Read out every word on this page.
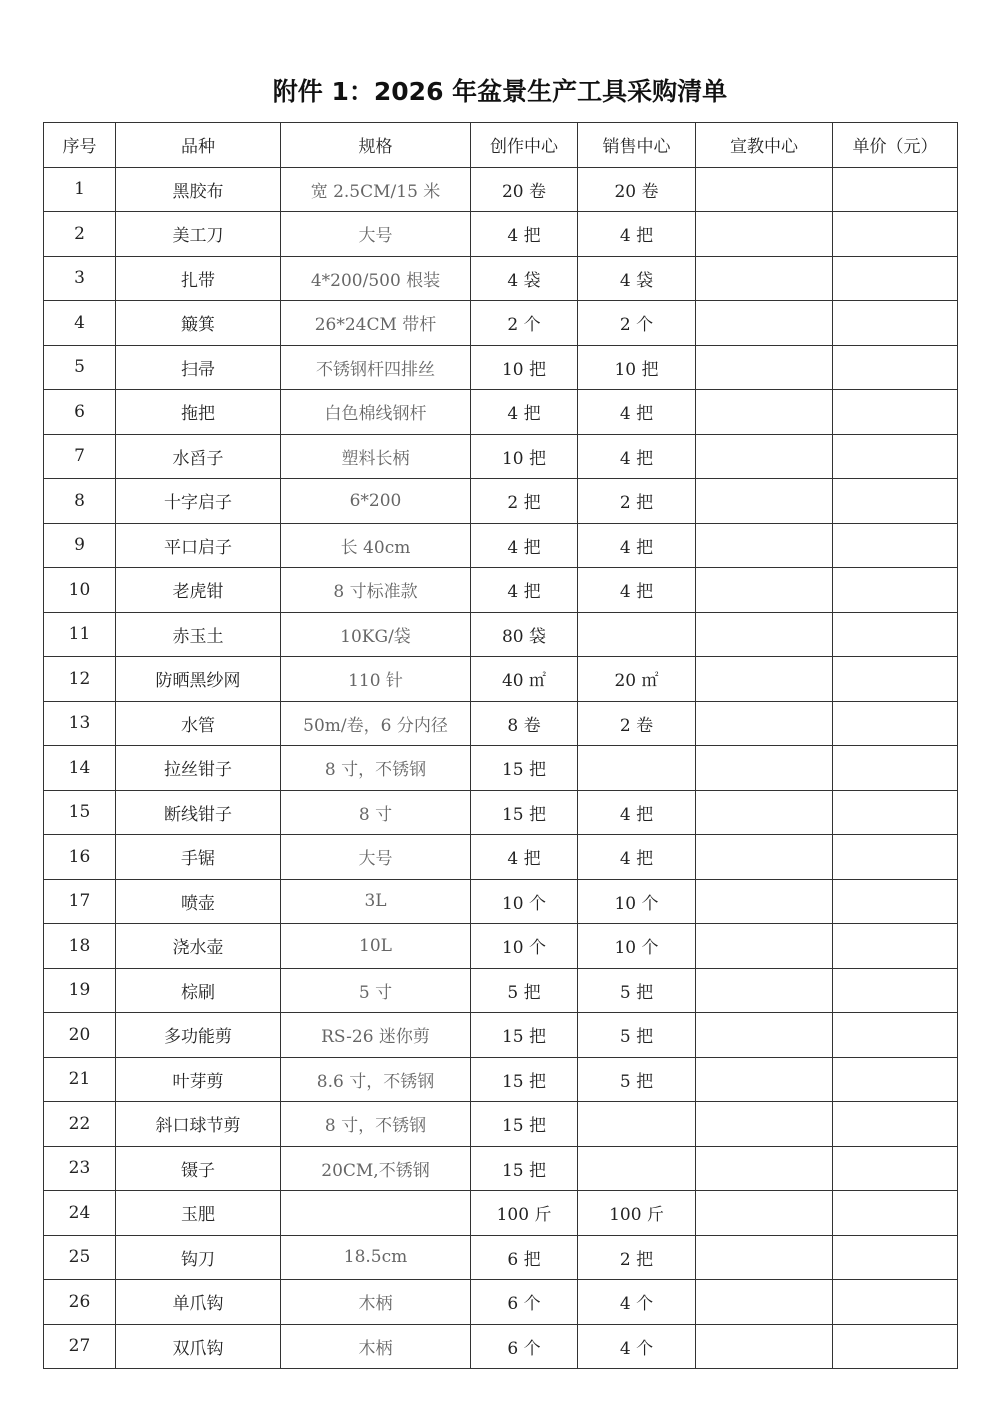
附件 1：2026 年盆景生产工具采购清单
序号	品种	规格	创作中心	销售中心	宣教中心	单价（元）
1	黑胶布	宽 2.5CM/15 米	20 卷	20 卷		
2	美工刀	大号	4 把	4 把		
3	扎带	4*200/500 根装	4 袋	4 袋		
4	簸箕	26*24CM 带杆	2 个	2 个		
5	扫帚	不锈钢杆四排丝	10 把	10 把		
6	拖把	白色棉线钢杆	4 把	4 把		
7	水舀子	塑料长柄	10 把	4 把		
8	十字启子	6*200	2 把	2 把		
9	平口启子	长 40cm	4 把	4 把		
10	老虎钳	8 寸标准款	4 把	4 把		
11	赤玉土	10KG/袋	80 袋			
12	防晒黑纱网	110 针	40 ㎡	20 ㎡		
13	水管	50m/卷，6 分内径	8 卷	2 卷		
14	拉丝钳子	8 寸，不锈钢	15 把			
15	断线钳子	8 寸	15 把	4 把		
16	手锯	大号	4 把	4 把		
17	喷壶	3L	10 个	10 个		
18	浇水壶	10L	10 个	10 个		
19	棕刷	5 寸	5 把	5 把		
20	多功能剪	RS-26 迷你剪	15 把	5 把		
21	叶芽剪	8.6 寸，不锈钢	15 把	5 把		
22	斜口球节剪	8 寸，不锈钢	15 把			
23	镊子	20CM,不锈钢	15 把			
24	玉肥		100 斤	100 斤		
25	钩刀	18.5cm	6 把	2 把		
26	单爪钩	木柄	6 个	4 个		
27	双爪钩	木柄	6 个	4 个		
